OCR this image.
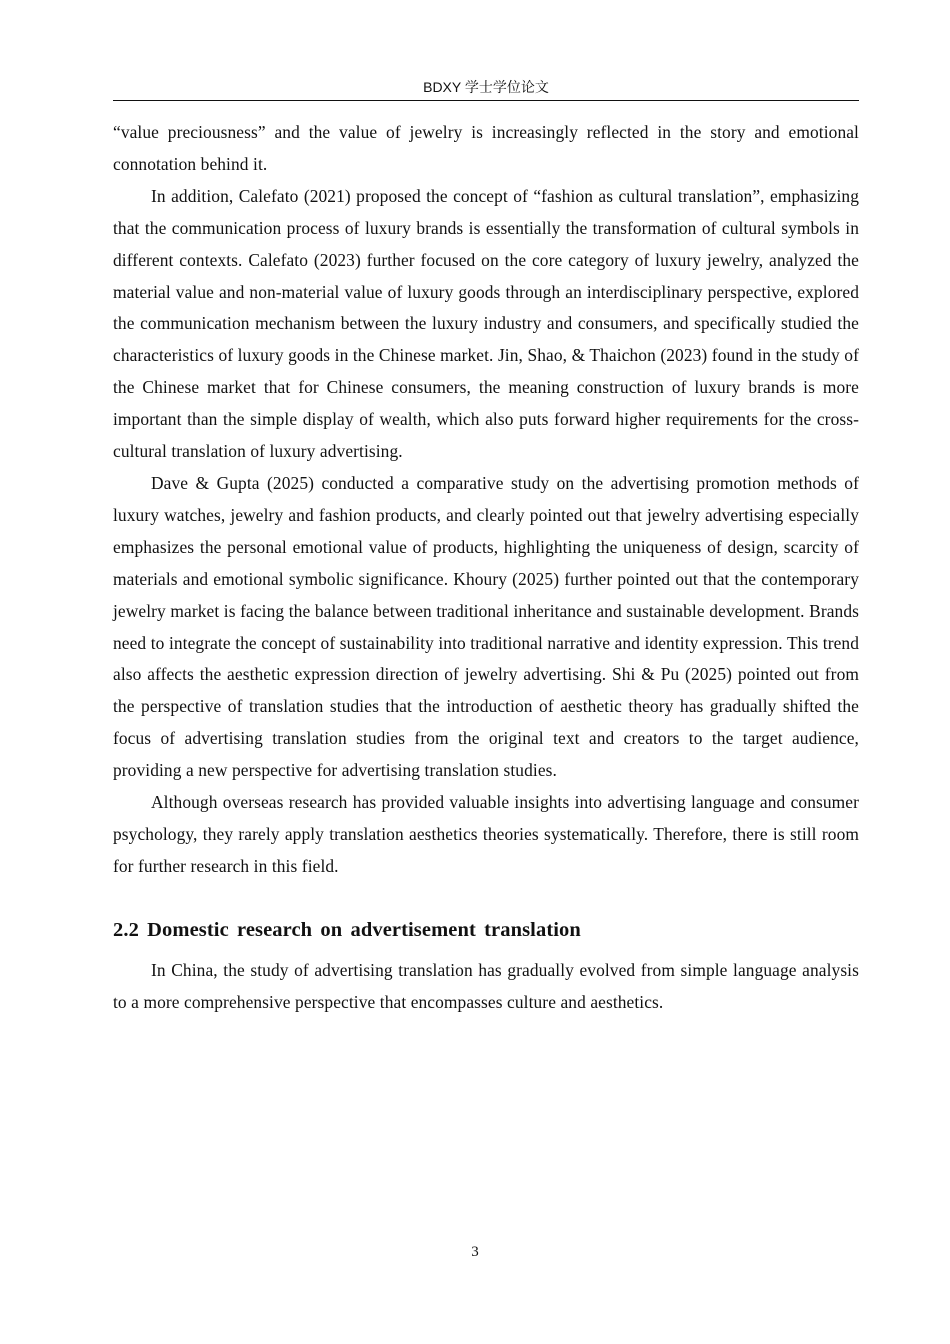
BDXY 学士学位论文

“value preciousness” and the value of jewelry is increasingly reflected in the story and emotional connotation behind it.

In addition, Calefato (2021) proposed the concept of “fashion as cultural translation”, emphasizing that the communication process of luxury brands is essentially the transformation of cultural symbols in different contexts. Calefato (2023) further focused on the core category of luxury jewelry, analyzed the material value and non-material value of luxury goods through an interdisciplinary perspective, explored the communication mechanism between the luxury industry and consumers, and specifically studied the characteristics of luxury goods in the Chinese market. Jin, Shao, & Thaichon (2023) found in the study of the Chinese market that for Chinese consumers, the meaning construction of luxury brands is more important than the simple display of wealth, which also puts forward higher requirements for the cross-cultural translation of luxury advertising.

Dave & Gupta (2025) conducted a comparative study on the advertising promotion methods of luxury watches, jewelry and fashion products, and clearly pointed out that jewelry advertising especially emphasizes the personal emotional value of products, highlighting the uniqueness of design, scarcity of materials and emotional symbolic significance. Khoury (2025) further pointed out that the contemporary jewelry market is facing the balance between traditional inheritance and sustainable development. Brands need to integrate the concept of sustainability into traditional narrative and identity expression. This trend also affects the aesthetic expression direction of jewelry advertising. Shi & Pu (2025) pointed out from the perspective of translation studies that the introduction of aesthetic theory has gradually shifted the focus of advertising translation studies from the original text and creators to the target audience, providing a new perspective for advertising translation studies.

Although overseas research has provided valuable insights into advertising language and consumer psychology, they rarely apply translation aesthetics theories systematically. Therefore, there is still room for further research in this field.

2.2 Domestic research on advertisement translation

In China, the study of advertising translation has gradually evolved from simple language analysis to a more comprehensive perspective that encompasses culture and aesthetics.

3
